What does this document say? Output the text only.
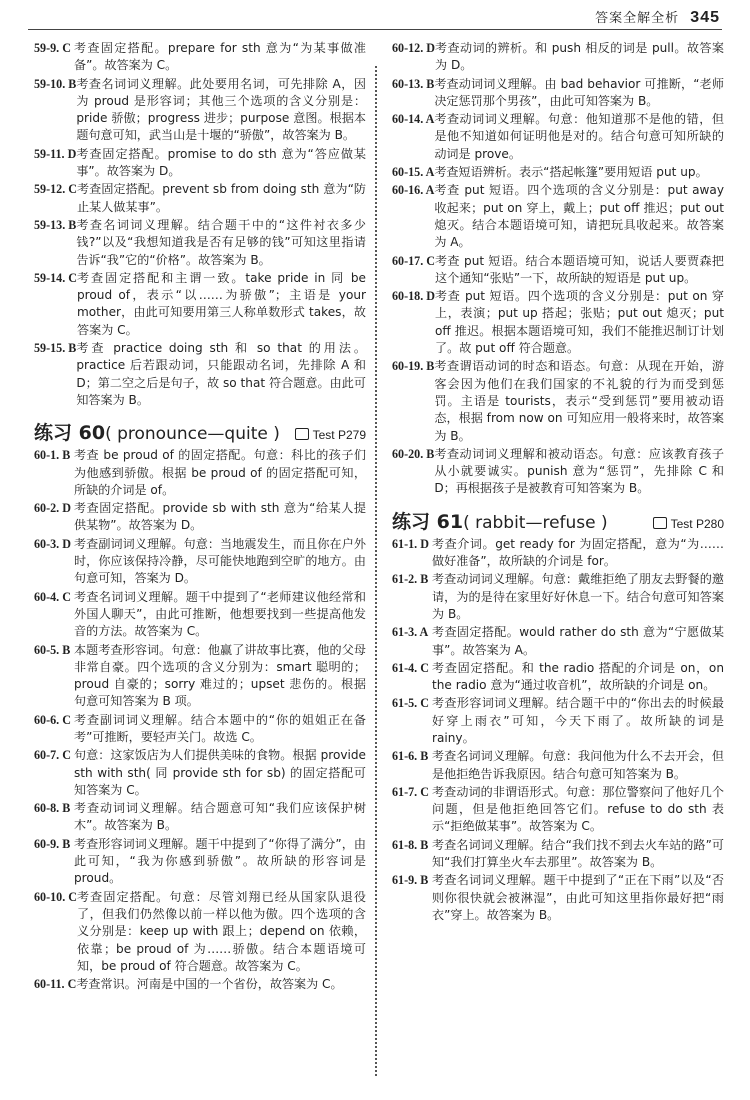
答案全解全析 345
59-9. C 考查固定搭配。prepare for sth 意为“为某事做准备”。故答案为 C。
59-10. B 考查名词词义理解。此处要用名词，可先排除 A，因为 proud 是形容词；其他三个选项的含义分别是：pride 骄傲；progress 进步；purpose 意图。根据本题句意可知，武当山是十堰的“骄傲”，故答案为 B。
59-11. D 考查固定搭配。promise to do sth 意为“答应做某事”。故答案为 D。
59-12. C 考查固定搭配。prevent sb from doing sth 意为“防止某人做某事”。
59-13. B 考查名词词义理解。结合题干中的“这件衬衣多少钱?”以及“我想知道我是否有足够的钱”可知这里指请告诉“我”它的“价格”。故答案为 B。
59-14. C 考查固定搭配和主谓一致。take pride in 同 be proud of，表示“以……为骄傲”；主语是 your mother，由此可知要用第三人称单数形式 takes，故答案为 C。
59-15. B 考查 practice doing sth 和 so that 的用法。practice 后若跟动词，只能跟动名词，先排除 A 和 D；第二空之后是句子，故 so that 符合题意。由此可知答案为 B。
练习 60( pronounce—quite )	Test P279
60-1. B 考查 be proud of 的固定搭配。句意：科比的孩子们为他感到骄傲。根据 be proud of 的固定搭配可知，所缺的介词是 of。
60-2. D 考查固定搭配。provide sb with sth 意为“给某人提供某物”。故答案为 D。
60-3. D 考查副词词义理解。句意：当地震发生，而且你在户外时，你应该保持冷静，尽可能快地跑到空旷的地方。由句意可知，答案为 D。
60-4. C 考查名词词义理解。题干中提到了“老师建议他经常和外国人聊天”，由此可推断，他想要找到一些提高他发音的方法。故答案为 C。
60-5. B 本题考查形容词。句意：他赢了讲故事比赛，他的父母非常自豪。四个选项的含义分别为：smart 聪明的；proud 自豪的；sorry 难过的；upset 悲伤的。根据句意可知答案为 B 项。
60-6. C 考查副词词义理解。结合本题中的“你的姐姐正在备考”可推断，要轻声关门。故选 C。
60-7. C 句意：这家饭店为人们提供美味的食物。根据 provide sth with sth( 同 provide sth for sb) 的固定搭配可知答案为 C。
60-8. B 考查动词词义理解。结合题意可知“我们应该保护树木”。故答案为 B。
60-9. B 考查形容词词义理解。题干中提到了“你得了满分”，由此可知，“我为你感到骄傲”。故所缺的形容词是 proud。
60-10. C 考查固定搭配。句意：尽管刘翔已经从国家队退役了，但我们仍然像以前一样以他为傲。四个选项的含义分别是：keep up with 跟上；depend on 依赖，依靠；be proud of 为……骄傲。结合本题语境可知，be proud of 符合题意。故答案为 C。
60-11. C 考查常识。河南是中国的一个省份，故答案为 C。
60-12. D 考查动词的辨析。和 push 相反的词是 pull。故答案为 D。
60-13. B 考查动词词义理解。由 bad behavior 可推断，“老师决定惩罚那个男孩”，由此可知答案为 B。
60-14. A 考查动词词义理解。句意：他知道那不是他的错，但是他不知道如何证明他是对的。结合句意可知所缺的动词是 prove。
60-15. A 考查短语辨析。表示“搭起帐篷”要用短语 put up。
60-16. A 考查 put 短语。四个选项的含义分别是：put away 收起来；put on 穿上，戴上；put off 推迟；put out 熄灭。结合本题语境可知，请把玩具收起来。故答案为 A。
60-17. C 考查 put 短语。结合本题语境可知，说话人要贾森把这个通知“张贴”一下，故所缺的短语是 put up。
60-18. D 考查 put 短语。四个选项的含义分别是：put on 穿上，表演；put up 搭起；张贴；put out 熄灭；put off 推迟。根据本题语境可知，我们不能推迟制订计划了。故 put off 符合题意。
60-19. B 考查谓语动词的时态和语态。句意：从现在开始，游客会因为他们在我们国家的不礼貌的行为而受到惩罚。主语是 tourists，表示“受到惩罚”要用被动语态，根据 from now on 可知应用一般将来时，故答案为 B。
60-20. B 考查动词词义理解和被动语态。句意：应该教育孩子从小就要诚实。punish 意为“惩罚”，先排除 C 和 D；再根据孩子是被教育可知答案为 B。
练习 61( rabbit—refuse )	Test P280
61-1. D 考查介词。get ready for 为固定搭配，意为“为……做好准备”，故所缺的介词是 for。
61-2. B 考查动词词义理解。句意：戴维拒绝了朋友去野餐的邀请，为的是待在家里好好休息一下。结合句意可知答案为 B。
61-3. A 考查固定搭配。would rather do sth 意为“宁愿做某事”。故答案为 A。
61-4. C 考查固定搭配。和 the radio 搭配的介词是 on，on the radio 意为“通过收音机”，故所缺的介词是 on。
61-5. C 考查形容词词义理解。结合题干中的“你出去的时候最好穿上雨衣”可知，今天下雨了。故所缺的词是 rainy。
61-6. B 考查名词词义理解。句意：我问他为什么不去开会，但是他拒绝告诉我原因。结合句意可知答案为 B。
61-7. C 考查动词的非谓语形式。句意：那位警察问了他好几个问题，但是他拒绝回答它们。refuse to do sth 表示“拒绝做某事”。故答案为 C。
61-8. B 考查名词词义理解。结合“我们找不到去火车站的路”可知“我们打算坐火车去那里”。故答案为 B。
61-9. B 考查名词词义理解。题干中提到了“正在下雨”以及“否则你很快就会被淋湿”，由此可知这里指你最好把“雨衣”穿上。故答案为 B。
